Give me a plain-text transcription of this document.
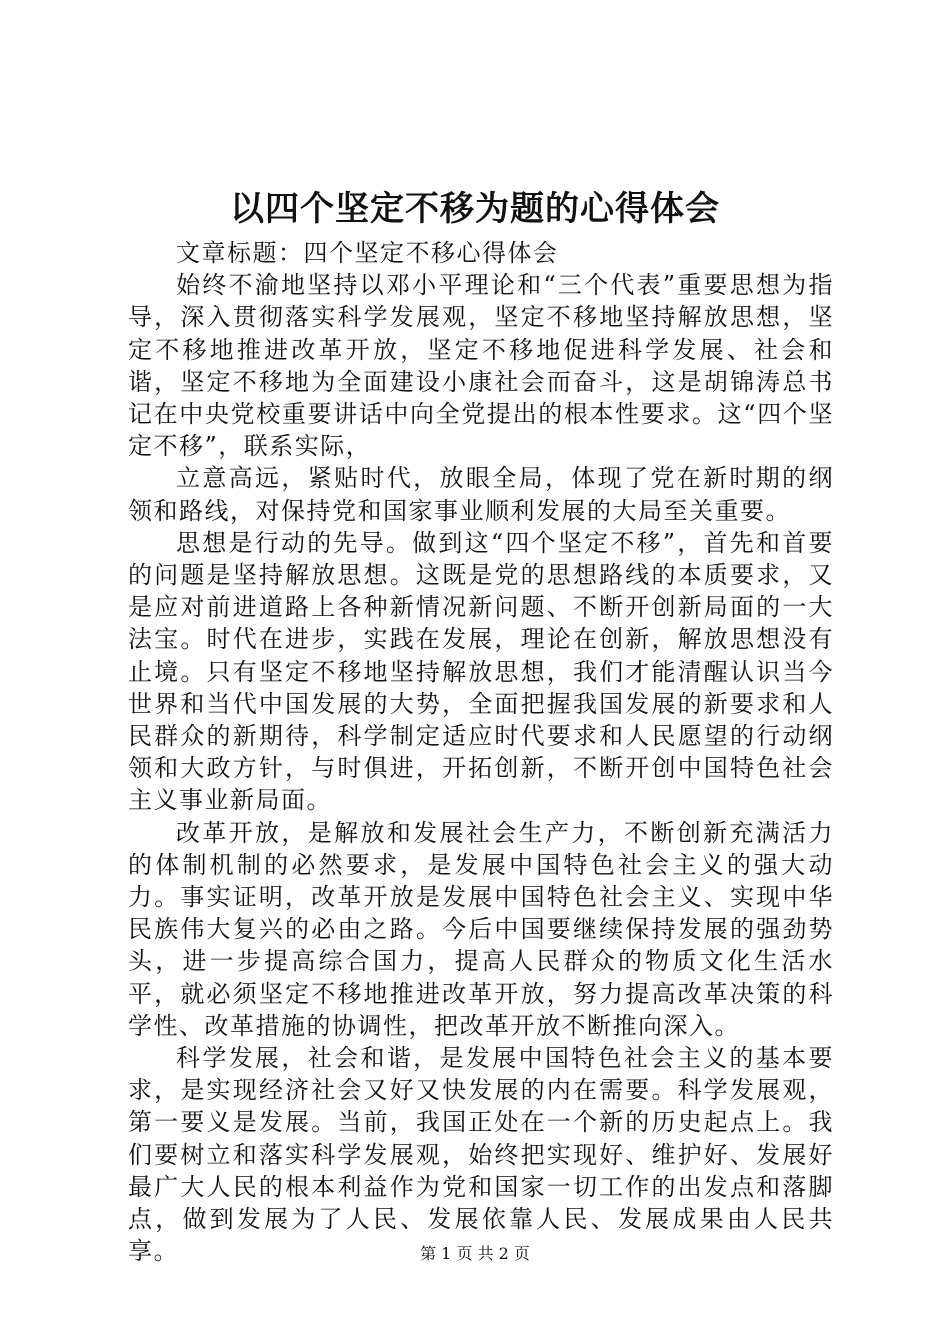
以四个坚定不移为题的心得体会

文章标题：四个坚定不移心得体会

始终不渝地坚持以邓小平理论和“三个代表”重要思想为指导，深入贯彻落实科学发展观，坚定不移地坚持解放思想，坚定不移地推进改革开放，坚定不移地促进科学发展、社会和谐，坚定不移地为全面建设小康社会而奋斗，这是胡锦涛总书记在中央党校重要讲话中向全党提出的根本性要求。这“四个坚定不移”，联系实际，

立意高远，紧贴时代，放眼全局，体现了党在新时期的纲领和路线，对保持党和国家事业顺利发展的大局至关重要。

思想是行动的先导。做到这“四个坚定不移”，首先和首要的问题是坚持解放思想。这既是党的思想路线的本质要求，又是应对前进道路上各种新情况新问题、不断开创新局面的一大法宝。时代在进步，实践在发展，理论在创新，解放思想没有止境。只有坚定不移地坚持解放思想，我们才能清醒认识当今世界和当代中国发展的大势，全面把握我国发展的新要求和人民群众的新期待，科学制定适应时代要求和人民愿望的行动纲领和大政方针，与时俱进，开拓创新，不断开创中国特色社会主义事业新局面。

改革开放，是解放和发展社会生产力，不断创新充满活力的体制机制的必然要求，是发展中国特色社会主义的强大动力。事实证明，改革开放是发展中国特色社会主义、实现中华民族伟大复兴的必由之路。今后中国要继续保持发展的强劲势头，进一步提高综合国力，提高人民群众的物质文化生活水平，就必须坚定不移地推进改革开放，努力提高改革决策的科学性、改革措施的协调性，把改革开放不断推向深入。

科学发展，社会和谐，是发展中国特色社会主义的基本要求，是实现经济社会又好又快发展的内在需要。科学发展观，第一要义是发展。当前，我国正处在一个新的历史起点上。我们要树立和落实科学发展观，始终把实现好、维护好、发展好最广大人民的根本利益作为党和国家一切工作的出发点和落脚点，做到发展为了人民、发展依靠人民、发展成果由人民共享。	第 1 页 共 2 页
